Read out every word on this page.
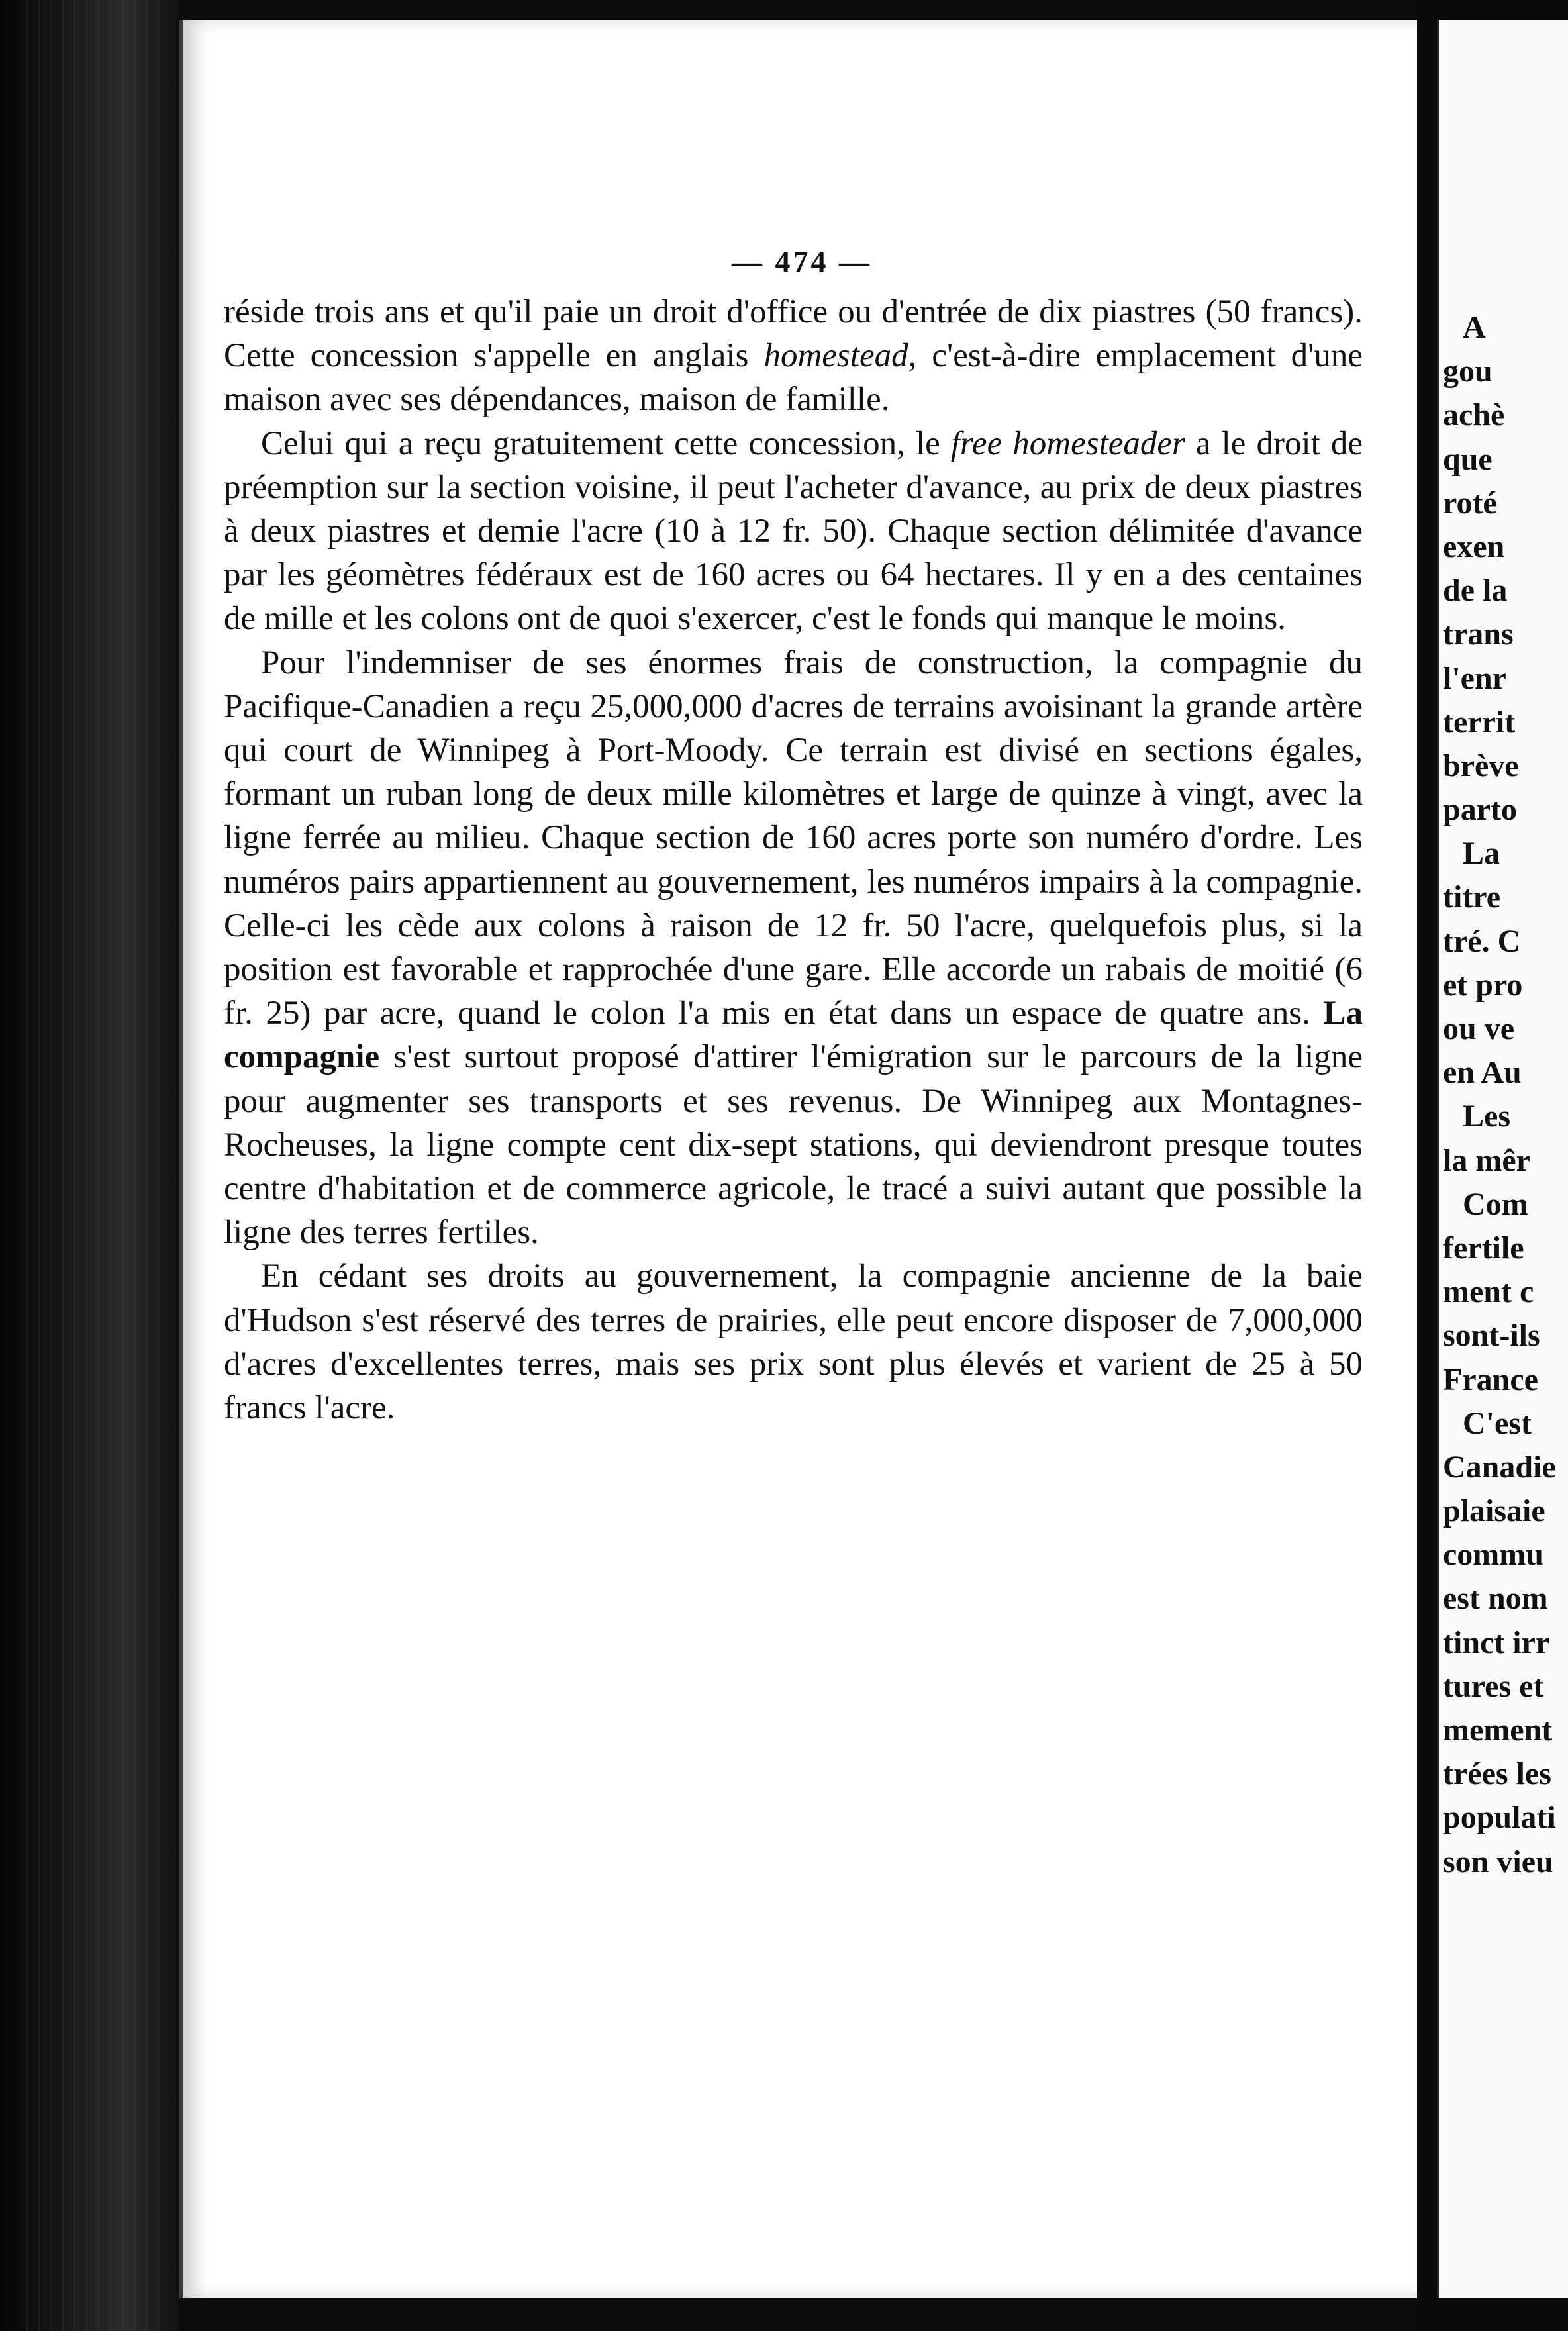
— 474 —

réside trois ans et qu'il paie un droit d'office ou d'entrée de dix piastres (50 francs). Cette concession s'appelle en anglais homestead, c'est-à-dire emplacement d'une maison avec ses dépendances, maison de famille.

Celui qui a reçu gratuitement cette concession, le free homesteader a le droit de préemption sur la section voisine, il peut l'acheter d'avance, au prix de deux piastres à deux piastres et demie l'acre (10 à 12 fr. 50). Chaque section délimitée d'avance par les géomètres fédéraux est de 160 acres ou 64 hectares. Il y en a des centaines de mille et les colons ont de quoi s'exercer, c'est le fonds qui manque le moins.

Pour l'indemniser de ses énormes frais de construction, la compagnie du Pacifique-Canadien a reçu 25,000,000 d'acres de terrains avoisinant la grande artère qui court de Winnipeg à Port-Moody. Ce terrain est divisé en sections égales, formant un ruban long de deux mille kilomètres et large de quinze à vingt, avec la ligne ferrée au milieu. Chaque section de 160 acres porte son numéro d'ordre. Les numéros pairs appartiennent au gouvernement, les numéros impairs à la compagnie. Celle-ci les cède aux colons à raison de 12 fr. 50 l'acre, quelquefois plus, si la position est favorable et rapprochée d'une gare. Elle accorde un rabais de moitié (6 fr. 25) par acre, quand le colon l'a mis en état dans un espace de quatre ans. La compagnie s'est surtout proposé d'attirer l'émigration sur le parcours de la ligne pour augmenter ses transports et ses revenus. De Winnipeg aux Montagnes-Rocheuses, la ligne compte cent dix-sept stations, qui deviendront presque toutes centre d'habitation et de commerce agricole, le tracé a suivi autant que possible la ligne des terres fertiles.

En cédant ses droits au gouvernement, la compagnie ancienne de la baie d'Hudson s'est réservé des terres de prairies, elle peut encore disposer de 7,000,000 d'acres d'excellentes terres, mais ses prix sont plus élevés et varient de 25 à 50 francs l'acre.

A
gou
achè
que
roté
exen
de la
trans
l'enr
territ
brève
parto
La
titre
tré. C
et pro
ou ve
en Au
Les
la mêr
Com
fertile
ment c
sont-ils
France
C'est
Canadie
plaisaie
commu
est nom
tinct irr
tures et
mement
trées les
populati
son vieu
